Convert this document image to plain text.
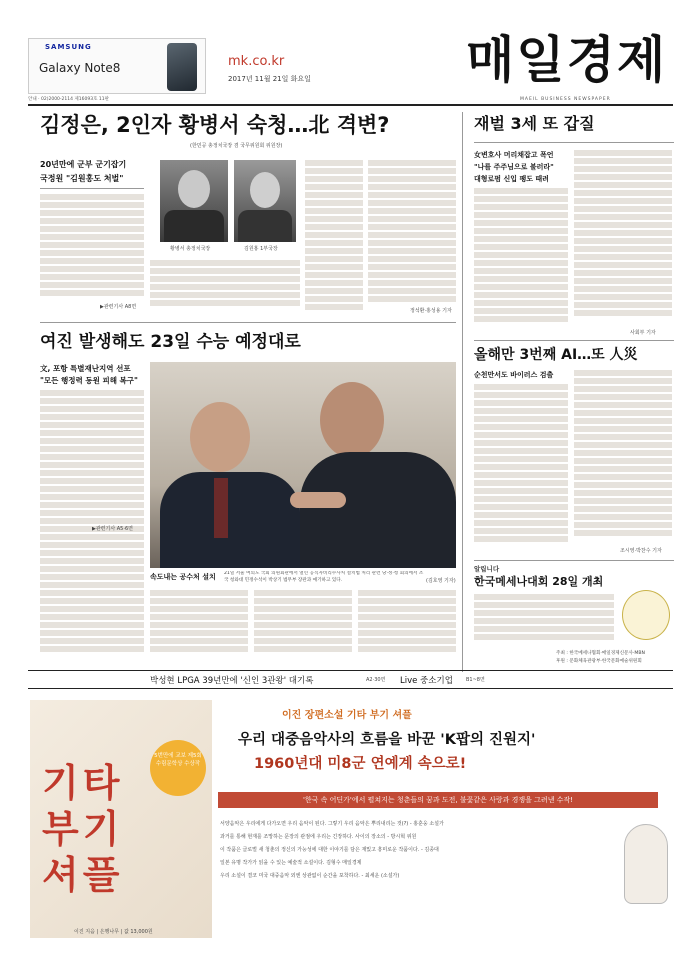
SAMSUNG
Galaxy Note8	mk.co.kr
2017년 11월 21일 화요일	매일경제
MAEIL BUSINESS NEWSPAPER
안내 · 02)2000-2114 제16093호 11판
김정은, 2인자 황병서 숙청…北 격변?
(한민공 총정치국장 겸 국무위원회 위원장)
20년만에 군부 군기잡기
국정원 "김원홍도 처벌"
▶관련기사 A8면
황병서 총정치국장	김원홍 1부국장
정석환·홍성용 기자
재벌 3세 또 갑질
女변호사 머리채잡고 폭언
"나를 주주님으로 불러라"
대형로펌 신입 팽도 때려
사회부 기자
여진 발생해도 23일 수능 예정대로
文, 포항 특별재난지역 선포
"모든 행정력 동원 피해 복구"
▶관련기사 A5·6면
속도내는 공수처 설치 21일 서울 여의도 국회 의원회관에서 열린 공직자비리수사처 설치법 처리 관련 당·정·청 회의에서 조국 청와대 민정수석이 박상기 법무부 장관과 얘기하고 있다.	(김호영 기자)
올해만 3번째 AI…또 人災
순천만서도 바이러스 검출
조시영·박찬수 기자
알립니다
한국메세나대회 28일 개최
주최 : 한국메세나협회·매일경제신문사·MBN
후원 : 문화체육관광부·한국문화예술위원회
박성현 LPGA 39년만에 '신인 3관왕' 대기록	A2·30면 Live 중소기업	B1~8면
기타 부기 셔플
5번만에 교보 제5회 수림문학상 수상작
이진 지음 | 은행나무 | 값 13,000원
이진 장편소설 기타 부기 셔플
우리 대중음악사의 흐름을 바꾼 'K팝의 진원지'
1960년대 미8군 연예계 속으로!
'한국 속 어딘가'에서 펼쳐지는 청춘들의 꿈과 도전, 불꽃같은 사랑과 경쟁을 그려낸 수작!
서양음악은 우리에게 다가오면 우리 음악이 된다. 그렇기 우리 음악은 뿌리내리는 것(?) - 홍훈웅 소설가
과거를 통해 현재를 조망하는 문장의 관점에 우리는 긴장하다. 사이의 장소의 - 방시혁 위원
이 작품은 글로벌 새 청춘의 정신의 가능성에 대한 이야기를 담은 재밌고 흥미로운 작품이다. - 김종대
일본 유명 작가가 읽을 수 있는 예술적 소설이다. 김형수 매일경제
우리 소설이 결코 미국 대중음악 외엔 상관없이 순간을 포착하다. - 최세운 (소설가)
